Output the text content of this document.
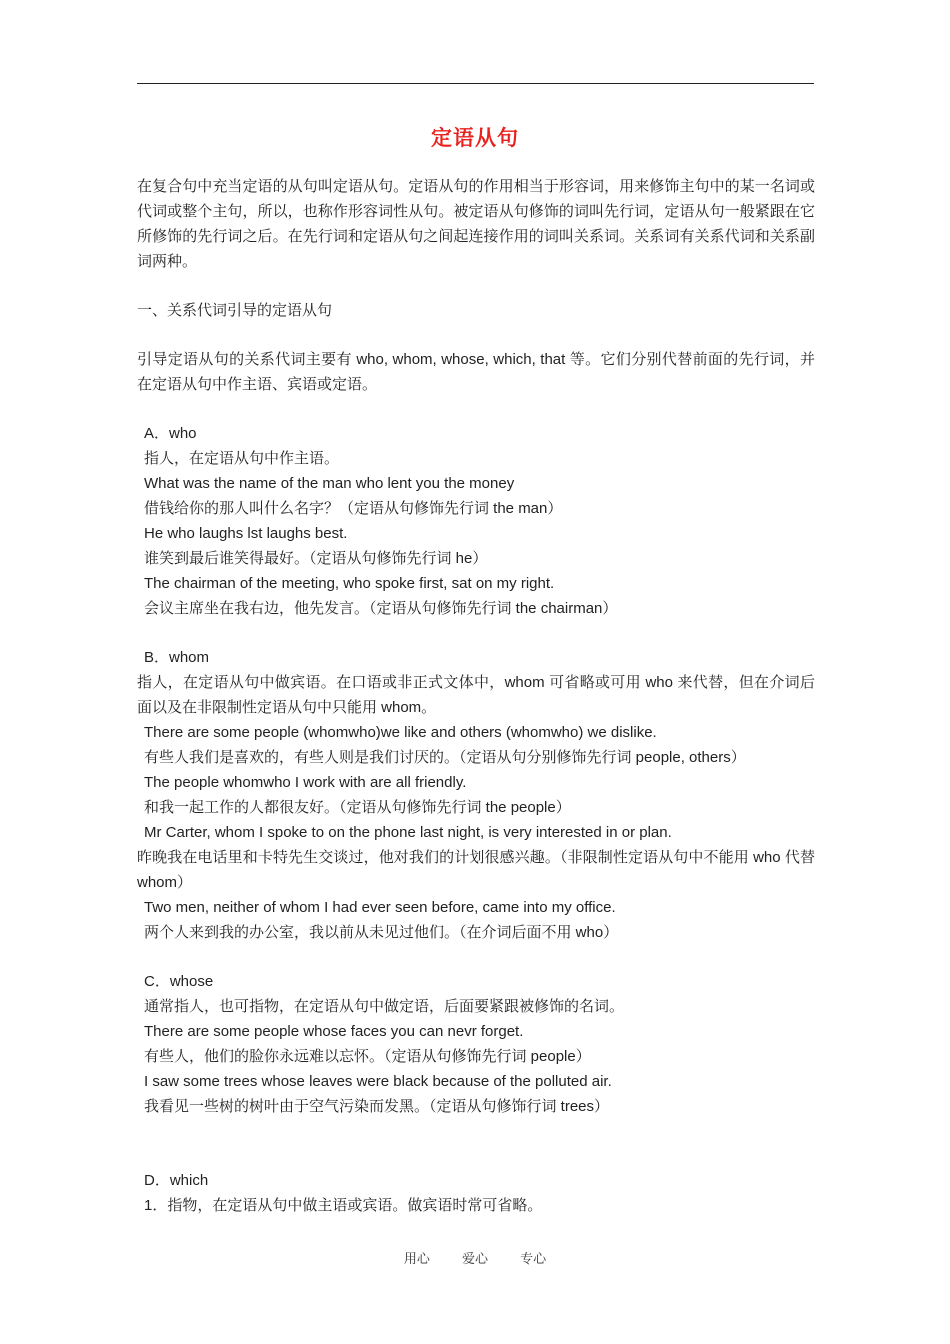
定语从句

在复合句中充当定语的从句叫定语从句。定语从句的作用相当于形容词，用来修饰主句中的某一名词或代词或整个主句，所以，也称作形容词性从句。被定语从句修饰的词叫先行词，定语从句一般紧跟在它所修饰的先行词之后。在先行词和定语从句之间起连接作用的词叫关系词。关系词有关系代词和关系副词两种。

一、关系代词引导的定语从句

引导定语从句的关系代词主要有 who, whom, whose, which, that 等。它们分别代替前面的先行词，并在定语从句中作主语、宾语或定语。

A．who

指人，在定语从句中作主语。

What was the name of the man who lent you the money

借钱给你的那人叫什么名字？（定语从句修饰先行词 the man）

He who laughs lst laughs best.

谁笑到最后谁笑得最好。（定语从句修饰先行词 he）

The chairman of the meeting, who spoke first, sat on my right.

会议主席坐在我右边，他先发言。（定语从句修饰先行词 the chairman）

B．whom

指人，在定语从句中做宾语。在口语或非正式文体中，whom 可省略或可用 who 来代替，但在介词后面以及在非限制性定语从句中只能用 whom。

There are some people (whomwho)we like and others (whomwho) we dislike.

有些人我们是喜欢的，有些人则是我们讨厌的。（定语从句分别修饰先行词 people, others）

The people whomwho I work with are all friendly.

和我一起工作的人都很友好。（定语从句修饰先行词 the people）

Mr Carter, whom I spoke to on the phone last night, is very interested in or plan.

昨晚我在电话里和卡特先生交谈过，他对我们的计划很感兴趣。（非限制性定语从句中不能用 who 代替 whom）

Two men, neither of whom I had ever seen before, came into my office.

两个人来到我的办公室，我以前从未见过他们。（在介词后面不用 who）

C．whose

通常指人，也可指物，在定语从句中做定语，后面要紧跟被修饰的名词。

There are some people whose faces you can nevr forget.

有些人，他们的脸你永远难以忘怀。（定语从句修饰先行词 people）

I saw some trees whose leaves were black because of the polluted air.

我看见一些树的树叶由于空气污染而发黑。（定语从句修饰行词 trees）

D．which

1．指物，在定语从句中做主语或宾语。做宾语时常可省略。

用心 爱心 专心
